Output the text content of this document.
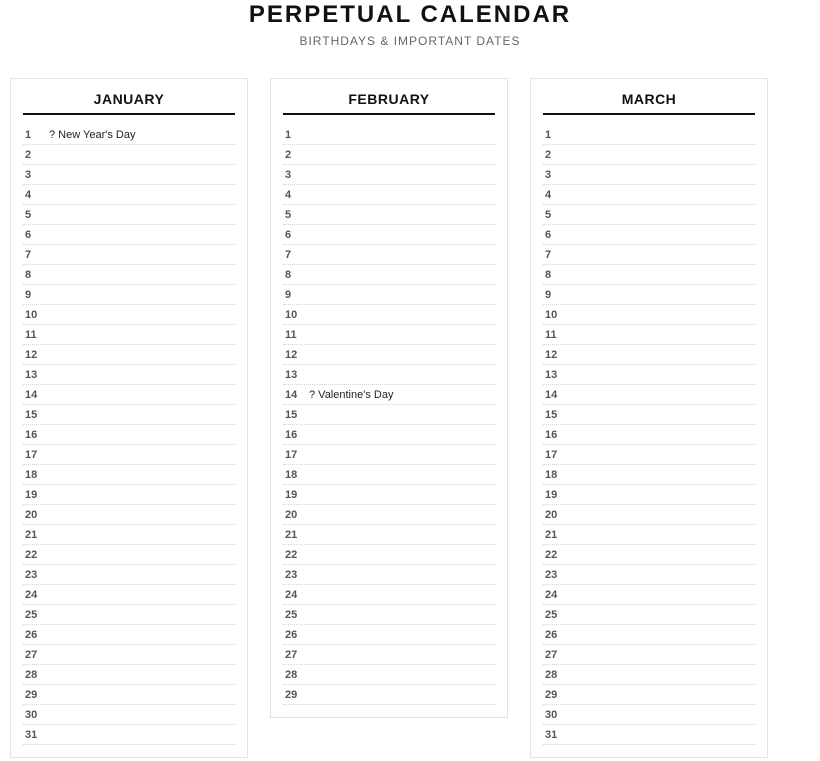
PERPETUAL CALENDAR
BIRTHDAYS & IMPORTANT DATES
JANUARY
1	? New Year's Day
2
3
4
5
6
7
8
9
10
11
12
13
14
15
16
17
18
19
20
21
22
23
24
25
26
27
28
29
30
31
FEBRUARY
1
2
3
4
5
6
7
8
9
10
11
12
13
14	? Valentine's Day
15
16
17
18
19
20
21
22
23
24
25
26
27
28
29
MARCH
1
2
3
4
5
6
7
8
9
10
11
12
13
14
15
16
17
18
19
20
21
22
23
24
25
26
27
28
29
30
31
